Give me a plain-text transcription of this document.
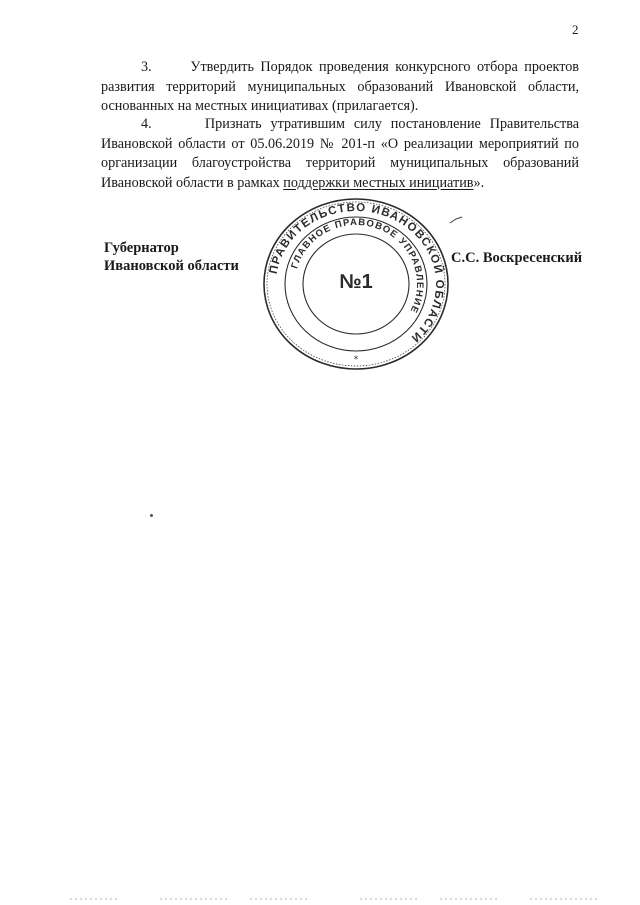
2

3.	Утвердить Порядок проведения конкурсного отбора проектов развития территорий муниципальных образований Ивановской области, основанных на местных инициативах (прилагается).

4.	Признать утратившим силу постановление Правительства Ивановской области от 05.06.2019 № 201-п «О реализации мероприятий по организации благоустройства территорий муниципальных образований Ивановской области в рамках поддержки местных инициатив».

Губернатор
Ивановской области	С.С. Воскресенский
ПРАВИТЕЛЬСТВО ИВАНОВСКОЙ ОБЛАСТИ
ГЛАВНОЕ ПРАВОВОЕ УПРАВЛЕНИЕ
№1
*
